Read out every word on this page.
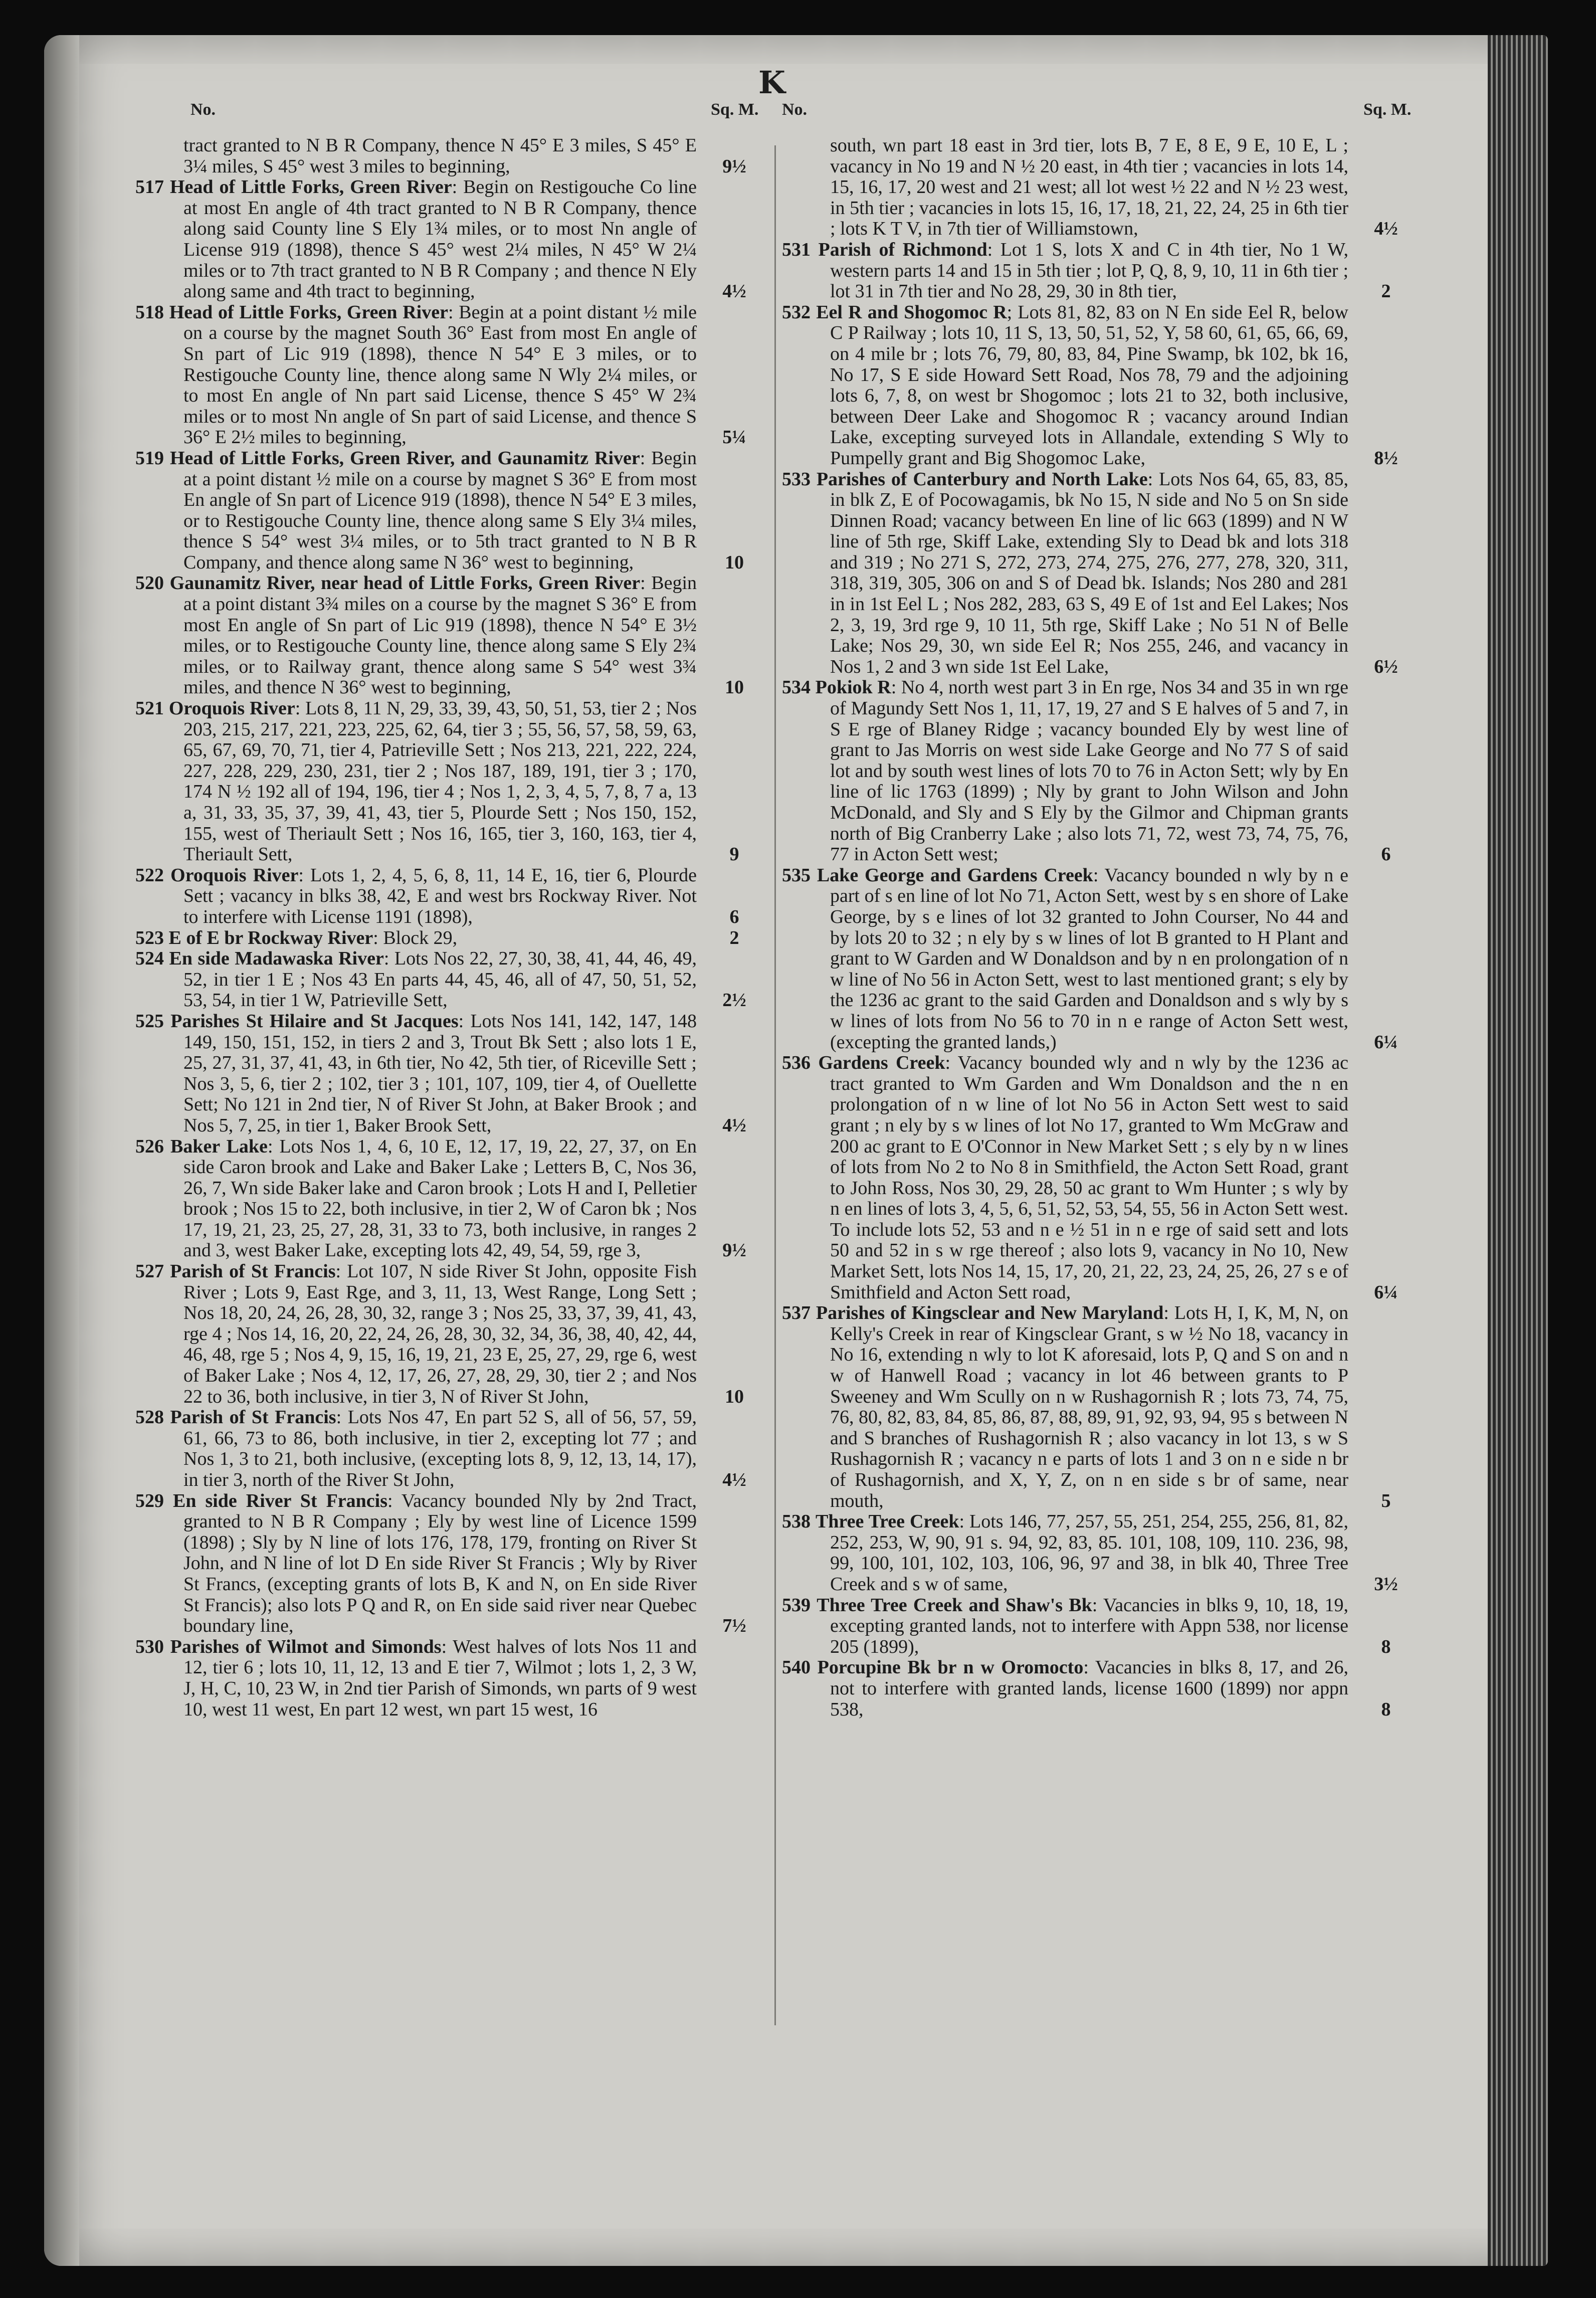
K
No.	Sq. M. No.	Sq. M.
tract granted to N B R Company, thence N 45° E 3 miles, S 45° E 3¼ miles, S 45° west 3 miles to beginning,	9½
517 Head of Little Forks, Green River: Begin on Restigouche Co line at most En angle of 4th tract granted to N B R Company, thence along said County line S Ely 1¾ miles, or to most Nn angle of License 919 (1898), thence S 45° west 2¼ miles, N 45° W 2¼ miles or to 7th tract granted to N B R Company ; and thence N Ely along same and 4th tract to beginning,	4½
518 Head of Little Forks, Green River: Begin at a point distant ½ mile on a course by the magnet South 36° East from most En angle of Sn part of Lic 919 (1898), thence N 54° E 3 miles, or to Restigouche County line, thence along same N Wly 2¼ miles, or to most En angle of Nn part said License, thence S 45° W 2¾ miles or to most Nn angle of Sn part of said License, and thence S 36° E 2½ miles to beginning,	5¼
519 Head of Little Forks, Green River, and Gaunamitz River: Begin at a point distant ½ mile on a course by magnet S 36° E from most En angle of Sn part of Licence 919 (1898), thence N 54° E 3 miles, or to Restigouche County line, thence along same S Ely 3¼ miles, thence S 54° west 3¼ miles, or to 5th tract granted to N B R Company, and thence along same N 36° west to beginning,	10
520 Gaunamitz River, near head of Little Forks, Green River: Begin at a point distant 3¾ miles on a course by the magnet S 36° E from most En angle of Sn part of Lic 919 (1898), thence N 54° E 3½ miles, or to Restigouche County line, thence along same S Ely 2¾ miles, or to Railway grant, thence along same S 54° west 3¾ miles, and thence N 36° west to beginning,	10
521 Oroquois River: Lots 8, 11 N, 29, 33, 39, 43, 50, 51, 53, tier 2 ; Nos 203, 215, 217, 221, 223, 225, 62, 64, tier 3 ; 55, 56, 57, 58, 59, 63, 65, 67, 69, 70, 71, tier 4, Patrieville Sett ; Nos 213, 221, 222, 224, 227, 228, 229, 230, 231, tier 2 ; Nos 187, 189, 191, tier 3 ; 170, 174 N ½ 192 all of 194, 196, tier 4 ; Nos 1, 2, 3, 4, 5, 7, 8, 7 a, 13 a, 31, 33, 35, 37, 39, 41, 43, tier 5, Plourde Sett ; Nos 150, 152, 155, west of Theriault Sett ; Nos 16, 165, tier 3, 160, 163, tier 4, Theriault Sett,	9
522 Oroquois River: Lots 1, 2, 4, 5, 6, 8, 11, 14 E, 16, tier 6, Plourde Sett ; vacancy in blks 38, 42, E and west brs Rockway River. Not to interfere with License 1191 (1898),	6
523 E of E br Rockway River: Block 29,	2
524 En side Madawaska River: Lots Nos 22, 27, 30, 38, 41, 44, 46, 49, 52, in tier 1 E ; Nos 43 En parts 44, 45, 46, all of 47, 50, 51, 52, 53, 54, in tier 1 W, Patrieville Sett,	2½
525 Parishes St Hilaire and St Jacques: Lots Nos 141, 142, 147, 148 149, 150, 151, 152, in tiers 2 and 3, Trout Bk Sett ; also lots 1 E, 25, 27, 31, 37, 41, 43, in 6th tier, No 42, 5th tier, of Riceville Sett ; Nos 3, 5, 6, tier 2 ; 102, tier 3 ; 101, 107, 109, tier 4, of Ouellette Sett; No 121 in 2nd tier, N of River St John, at Baker Brook ; and Nos 5, 7, 25, in tier 1, Baker Brook Sett,	4½
526 Baker Lake: Lots Nos 1, 4, 6, 10 E, 12, 17, 19, 22, 27, 37, on En side Caron brook and Lake and Baker Lake ; Letters B, C, Nos 36, 26, 7, Wn side Baker lake and Caron brook ; Lots H and I, Pelletier brook ; Nos 15 to 22, both inclusive, in tier 2, W of Caron bk ; Nos 17, 19, 21, 23, 25, 27, 28, 31, 33 to 73, both inclusive, in ranges 2 and 3, west Baker Lake, excepting lots 42, 49, 54, 59, rge 3,	9½
527 Parish of St Francis: Lot 107, N side River St John, opposite Fish River ; Lots 9, East Rge, and 3, 11, 13, West Range, Long Sett ; Nos 18, 20, 24, 26, 28, 30, 32, range 3 ; Nos 25, 33, 37, 39, 41, 43, rge 4 ; Nos 14, 16, 20, 22, 24, 26, 28, 30, 32, 34, 36, 38, 40, 42, 44, 46, 48, rge 5 ; Nos 4, 9, 15, 16, 19, 21, 23 E, 25, 27, 29, rge 6, west of Baker Lake ; Nos 4, 12, 17, 26, 27, 28, 29, 30, tier 2 ; and Nos 22 to 36, both inclusive, in tier 3, N of River St John,	10
528 Parish of St Francis: Lots Nos 47, En part 52 S, all of 56, 57, 59, 61, 66, 73 to 86, both inclusive, in tier 2, excepting lot 77 ; and Nos 1, 3 to 21, both inclusive, (excepting lots 8, 9, 12, 13, 14, 17), in tier 3, north of the River St John,	4½
529 En side River St Francis: Vacancy bounded Nly by 2nd Tract, granted to N B R Company ; Ely by west line of Licence 1599 (1898) ; Sly by N line of lots 176, 178, 179, fronting on River St John, and N line of lot D En side River St Francis ; Wly by River St Francs, (excepting grants of lots B, K and N, on En side River St Francis); also lots P Q and R, on En side said river near Quebec boundary line,	7½
530 Parishes of Wilmot and Simonds: West halves of lots Nos 11 and 12, tier 6 ; lots 10, 11, 12, 13 and E tier 7, Wilmot ; lots 1, 2, 3 W, J, H, C, 10, 23 W, in 2nd tier Parish of Simonds, wn parts of 9 west 10, west 11 west, En part 12 west, wn part 15 west, 16
south, wn part 18 east in 3rd tier, lots B, 7 E, 8 E, 9 E, 10 E, L ; vacancy in No 19 and N ½ 20 east, in 4th tier ; vacancies in lots 14, 15, 16, 17, 20 west and 21 west; all lot west ½ 22 and N ½ 23 west, in 5th tier ; vacancies in lots 15, 16, 17, 18, 21, 22, 24, 25 in 6th tier ; lots K T V, in 7th tier of Williamstown,	4½
531 Parish of Richmond: Lot 1 S, lots X and C in 4th tier, No 1 W, western parts 14 and 15 in 5th tier ; lot P, Q, 8, 9, 10, 11 in 6th tier ; lot 31 in 7th tier and No 28, 29, 30 in 8th tier,	2
532 Eel R and Shogomoc R; Lots 81, 82, 83 on N En side Eel R, below C P Railway ; lots 10, 11 S, 13, 50, 51, 52, Y, 58 60, 61, 65, 66, 69, on 4 mile br ; lots 76, 79, 80, 83, 84, Pine Swamp, bk 102, bk 16, No 17, S E side Howard Sett Road, Nos 78, 79 and the adjoining lots 6, 7, 8, on west br Shogomoc ; lots 21 to 32, both inclusive, between Deer Lake and Shogomoc R ; vacancy around Indian Lake, excepting surveyed lots in Allandale, extending S Wly to Pumpelly grant and Big Shogomoc Lake,	8½
533 Parishes of Canterbury and North Lake: Lots Nos 64, 65, 83, 85, in blk Z, E of Pocowagamis, bk No 15, N side and No 5 on Sn side Dinnen Road; vacancy between En line of lic 663 (1899) and N W line of 5th rge, Skiff Lake, extending Sly to Dead bk and lots 318 and 319 ; No 271 S, 272, 273, 274, 275, 276, 277, 278, 320, 311, 318, 319, 305, 306 on and S of Dead bk. Islands; Nos 280 and 281 in in 1st Eel L ; Nos 282, 283, 63 S, 49 E of 1st and Eel Lakes; Nos 2, 3, 19, 3rd rge 9, 10 11, 5th rge, Skiff Lake ; No 51 N of Belle Lake; Nos 29, 30, wn side Eel R; Nos 255, 246, and vacancy in Nos 1, 2 and 3 wn side 1st Eel Lake,	6½
534 Pokiok R: No 4, north west part 3 in En rge, Nos 34 and 35 in wn rge of Magundy Sett Nos 1, 11, 17, 19, 27 and S E halves of 5 and 7, in S E rge of Blaney Ridge ; vacancy bounded Ely by west line of grant to Jas Morris on west side Lake George and No 77 S of said lot and by south west lines of lots 70 to 76 in Acton Sett; wly by En line of lic 1763 (1899) ; Nly by grant to John Wilson and John McDonald, and Sly and S Ely by the Gilmor and Chipman grants north of Big Cranberry Lake ; also lots 71, 72, west 73, 74, 75, 76, 77 in Acton Sett west;	6
535 Lake George and Gardens Creek: Vacancy bounded n wly by n e part of s en line of lot No 71, Acton Sett, west by s en shore of Lake George, by s e lines of lot 32 granted to John Courser, No 44 and by lots 20 to 32 ; n ely by s w lines of lot B granted to H Plant and grant to W Garden and W Donaldson and by n en prolongation of n w line of No 56 in Acton Sett, west to last mentioned grant; s ely by the 1236 ac grant to the said Garden and Donaldson and s wly by s w lines of lots from No 56 to 70 in n e range of Acton Sett west, (excepting the granted lands,)	6¼
536 Gardens Creek: Vacancy bounded wly and n wly by the 1236 ac tract granted to Wm Garden and Wm Donaldson and the n en prolongation of n w line of lot No 56 in Acton Sett west to said grant ; n ely by s w lines of lot No 17, granted to Wm McGraw and 200 ac grant to E O'Connor in New Market Sett ; s ely by n w lines of lots from No 2 to No 8 in Smithfield, the Acton Sett Road, grant to John Ross, Nos 30, 29, 28, 50 ac grant to Wm Hunter ; s wly by n en lines of lots 3, 4, 5, 6, 51, 52, 53, 54, 55, 56 in Acton Sett west. To include lots 52, 53 and n e ½ 51 in n e rge of said sett and lots 50 and 52 in s w rge thereof ; also lots 9, vacancy in No 10, New Market Sett, lots Nos 14, 15, 17, 20, 21, 22, 23, 24, 25, 26, 27 s e of Smithfield and Acton Sett road,	6¼
537 Parishes of Kingsclear and New Maryland: Lots H, I, K, M, N, on Kelly's Creek in rear of Kingsclear Grant, s w ½ No 18, vacancy in No 16, extending n wly to lot K aforesaid, lots P, Q and S on and n w of Hanwell Road ; vacancy in lot 46 between grants to P Sweeney and Wm Scully on n w Rushagornish R ; lots 73, 74, 75, 76, 80, 82, 83, 84, 85, 86, 87, 88, 89, 91, 92, 93, 94, 95 s between N and S branches of Rushagornish R ; also vacancy in lot 13, s w S Rushagornish R ; vacancy n e parts of lots 1 and 3 on n e side n br of Rushagornish, and X, Y, Z, on n en side s br of same, near mouth,	5
538 Three Tree Creek: Lots 146, 77, 257, 55, 251, 254, 255, 256, 81, 82, 252, 253, W, 90, 91 s. 94, 92, 83, 85. 101, 108, 109, 110. 236, 98, 99, 100, 101, 102, 103, 106, 96, 97 and 38, in blk 40, Three Tree Creek and s w of same,	3½
539 Three Tree Creek and Shaw's Bk: Vacancies in blks 9, 10, 18, 19, excepting granted lands, not to interfere with Appn 538, nor license 205 (1899),	8
540 Porcupine Bk br n w Oromocto: Vacancies in blks 8, 17, and 26, not to interfere with granted lands, license 1600 (1899) nor appn 538,	8
